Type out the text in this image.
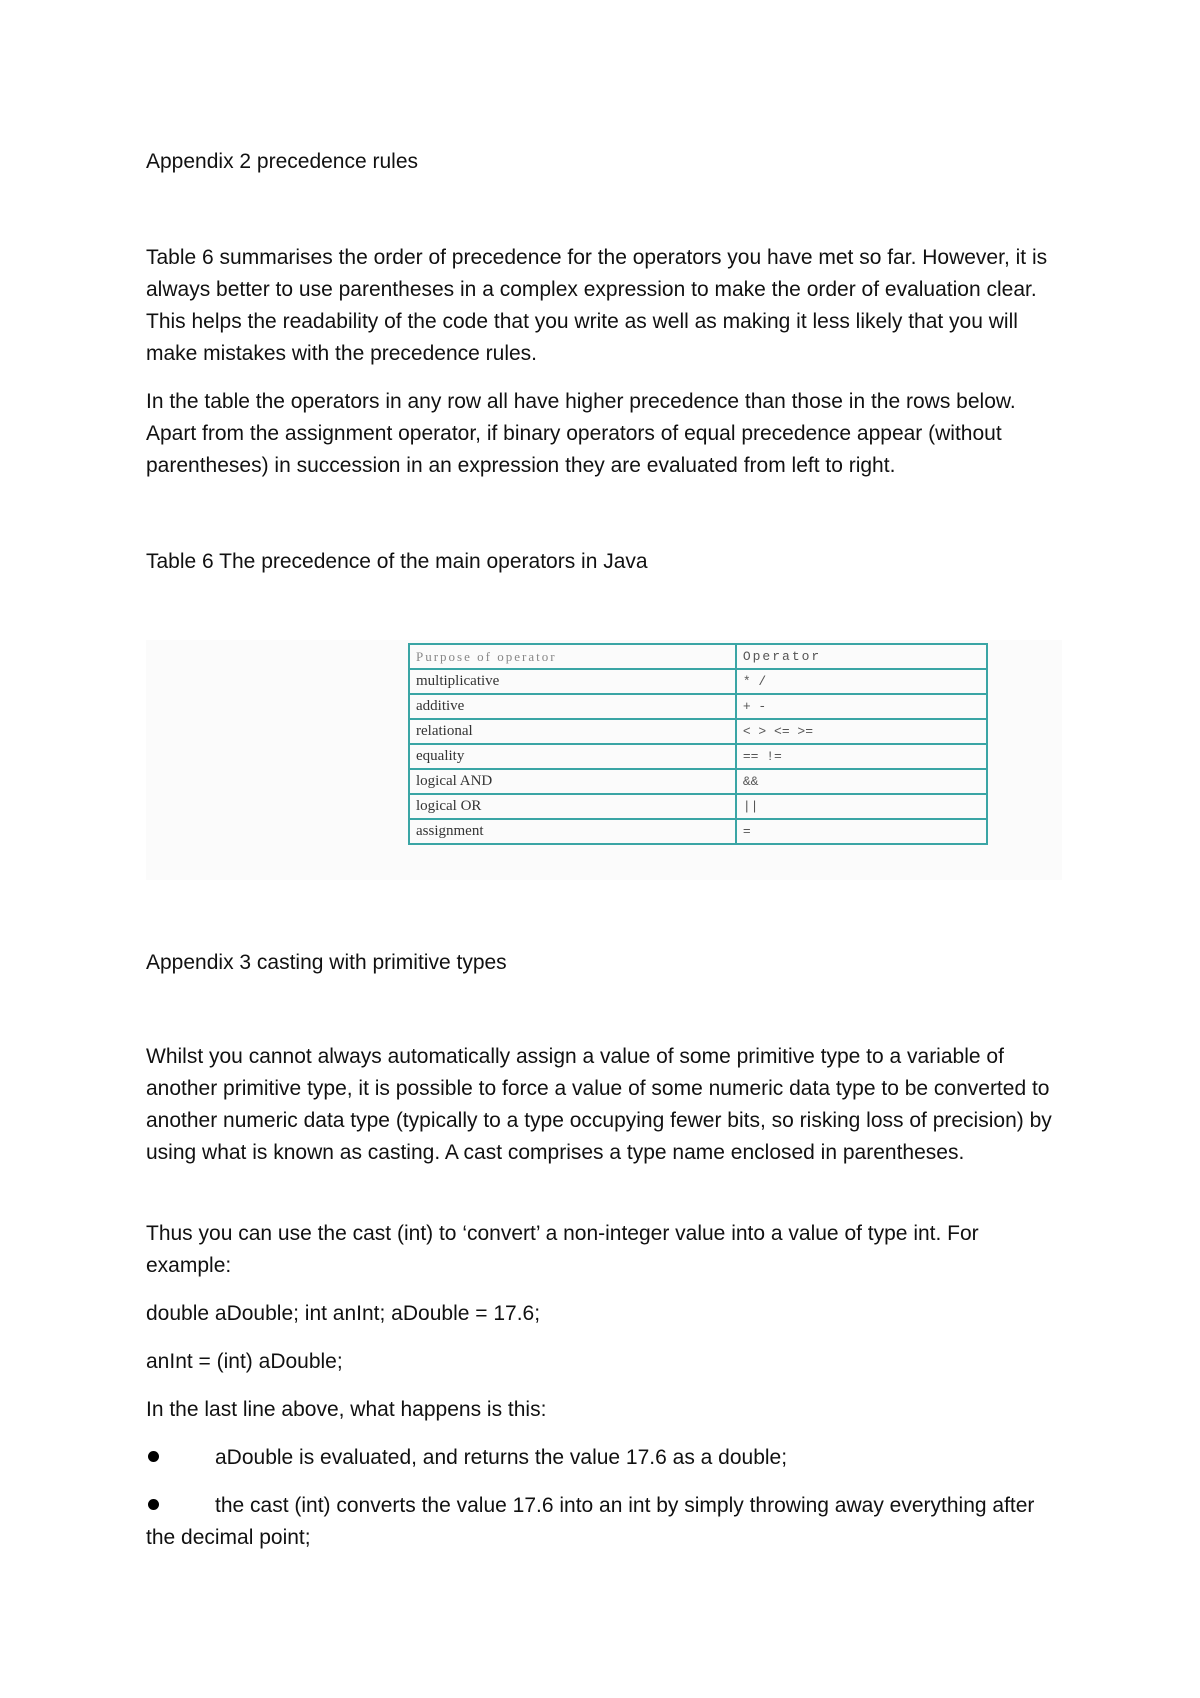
Appendix 2 precedence rules

Table 6 summarises the order of precedence for the operators you have met so far. However, it is always better to use parentheses in a complex expression to make the order of evaluation clear. This helps the readability of the code that you write as well as making it less likely that you will make mistakes with the precedence rules.

In the table the operators in any row all have higher precedence than those in the rows below. Apart from the assignment operator, if binary operators of equal precedence appear (without parentheses) in succession in an expression they are evaluated from left to right.

Table 6 The precedence of the main operators in Java

Purpose of operator	Operator
multiplicative	* /
additive	+ -
relational	< > <= >=
equality	== !=
logical AND	&&
logical OR	||
assignment	=

Appendix 3 casting with primitive types

Whilst you cannot always automatically assign a value of some primitive type to a variable of another primitive type, it is possible to force a value of some numeric data type to be converted to another numeric data type (typically to a type occupying fewer bits, so risking loss of precision) by using what is known as casting. A cast comprises a type name enclosed in parentheses.

Thus you can use the cast (int) to ‘convert’ a non-integer value into a value of type int. For example:

double aDouble; int anInt; aDouble = 17.6;

anInt = (int) aDouble;

In the last line above, what happens is this:

aDouble is evaluated, and returns the value 17.6 as a double;

the cast (int) converts the value 17.6 into an int by simply throwing away everything after the decimal point;
